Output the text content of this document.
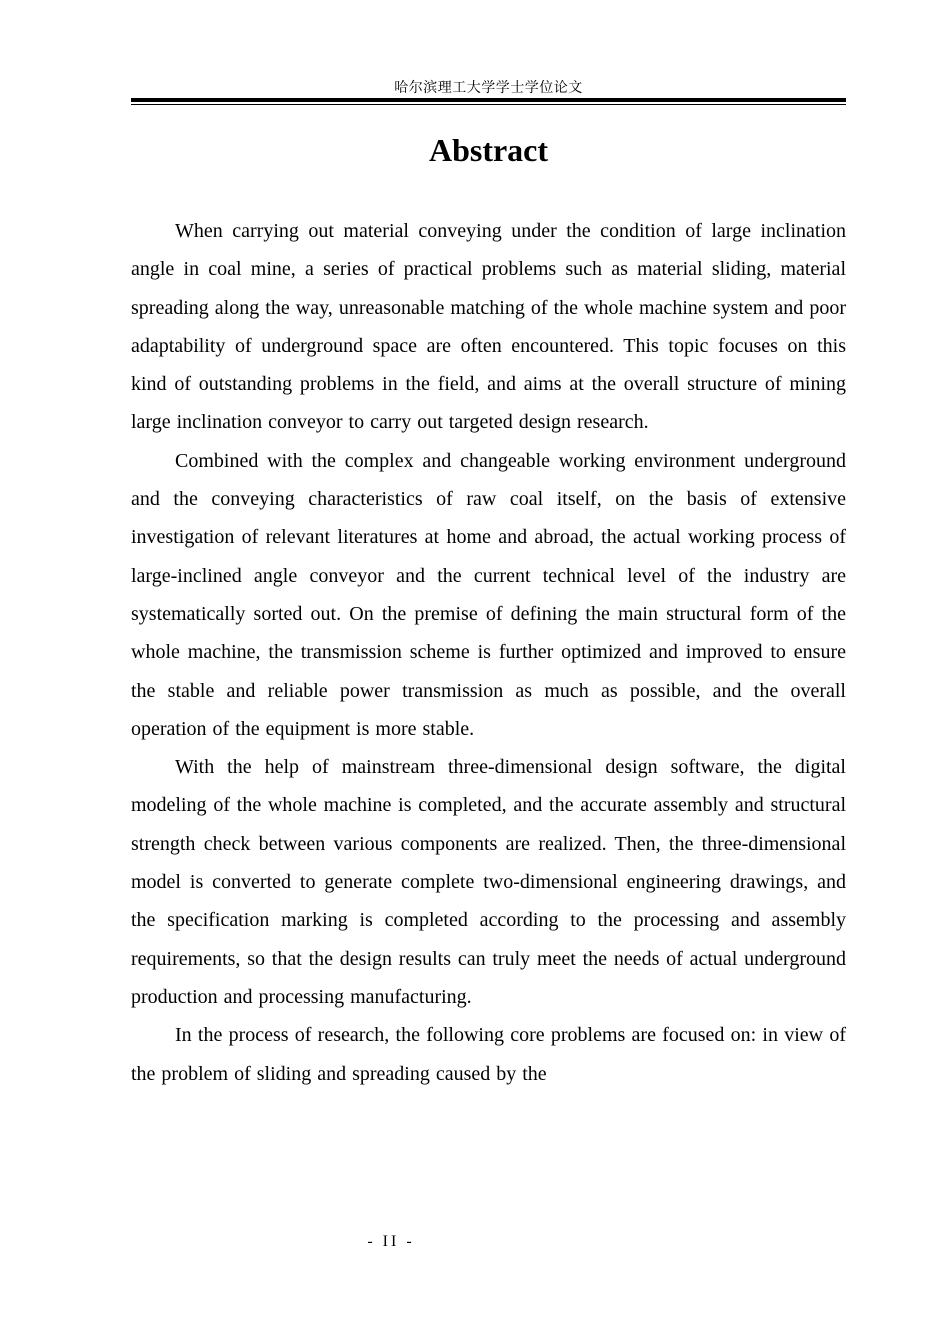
哈尔滨理工大学学士学位论文
Abstract

When carrying out material conveying under the condition of large inclination angle in coal mine, a series of practical problems such as material sliding, material spreading along the way, unreasonable matching of the whole machine system and poor adaptability of underground space are often encountered. This topic focuses on this kind of outstanding problems in the field, and aims at the overall structure of mining large inclination conveyor to carry out targeted design research.

Combined with the complex and changeable working environment underground and the conveying characteristics of raw coal itself, on the basis of extensive investigation of relevant literatures at home and abroad, the actual working process of large-inclined angle conveyor and the current technical level of the industry are systematically sorted out. On the premise of defining the main structural form of the whole machine, the transmission scheme is further optimized and improved to ensure the stable and reliable power transmission as much as possible, and the overall operation of the equipment is more stable.

With the help of mainstream three-dimensional design software, the digital modeling of the whole machine is completed, and the accurate assembly and structural strength check between various components are realized. Then, the three-dimensional model is converted to generate complete two-dimensional engineering drawings, and the specification marking is completed according to the processing and assembly requirements, so that the design results can truly meet the needs of actual underground production and processing manufacturing.

In the process of research, the following core problems are focused on: in view of the problem of sliding and spreading caused by the

- II -
